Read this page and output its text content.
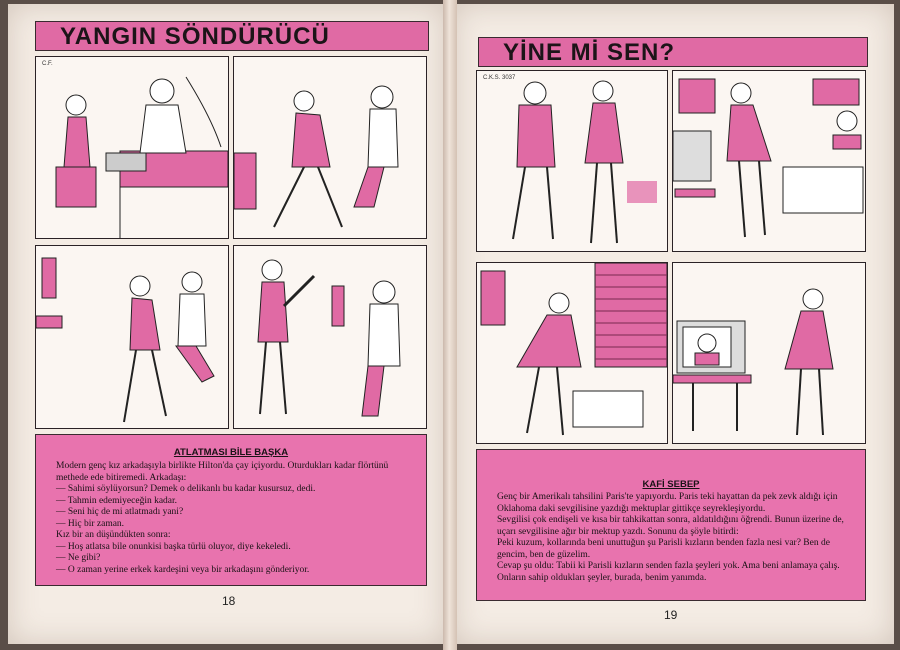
YANGIN SÖNDÜRÜCÜ
C.F.
ATLATMASI BİLE BAŞKA

Modern genç kız arkadaşıyla birlikte Hilton'da çay içiyordu. Oturdukları kadar flörtünü

methede ede bitiremedi. Arkadaşı:

— Sahimi söylüyorsun? Demek o delikanlı bu kadar kusursuz, dedi.

— Tahmin edemiyeceğin kadar.

— Seni hiç de mi atlatmadı yani?

— Hiç bir zaman.

Kız bir an düşündükten sonra:

— Hoş atlatsa bile onunkisi başka türlü oluyor, diye kekeledi.

— Ne gibi?

— O zaman yerine erkek kardeşini veya bir arkadaşını gönderiyor.

18
YİNE Mİ SEN?
C.K.S. 3037
KAFİ SEBEP

Genç bir Amerikalı tahsilini Paris'te yapıyordu. Paris teki hayattan da pek zevk aldığı için

Oklahoma daki sevgilisine yazdığı mektuplar gittikçe seyrekleşiyordu.

Sevgilisi çok endişeli ve kısa bir tahkikattan sonra, aldatıldığını öğrendi. Bunun üzerine de,

uçarı sevgilisine ağır bir mektup yazdı. Sonunu da şöyle bitirdi:

Peki kuzum, kollarında beni unuttuğun şu Parisli kızların benden fazla nesi var? Ben de

gencim, ben de güzelim.

Cevap şu oldu: Tabii ki Parisli kızların senden fazla şeyleri yok. Ama beni anlamaya çalış.

Onların sahip oldukları şeyler, burada, benim yanımda.

19
